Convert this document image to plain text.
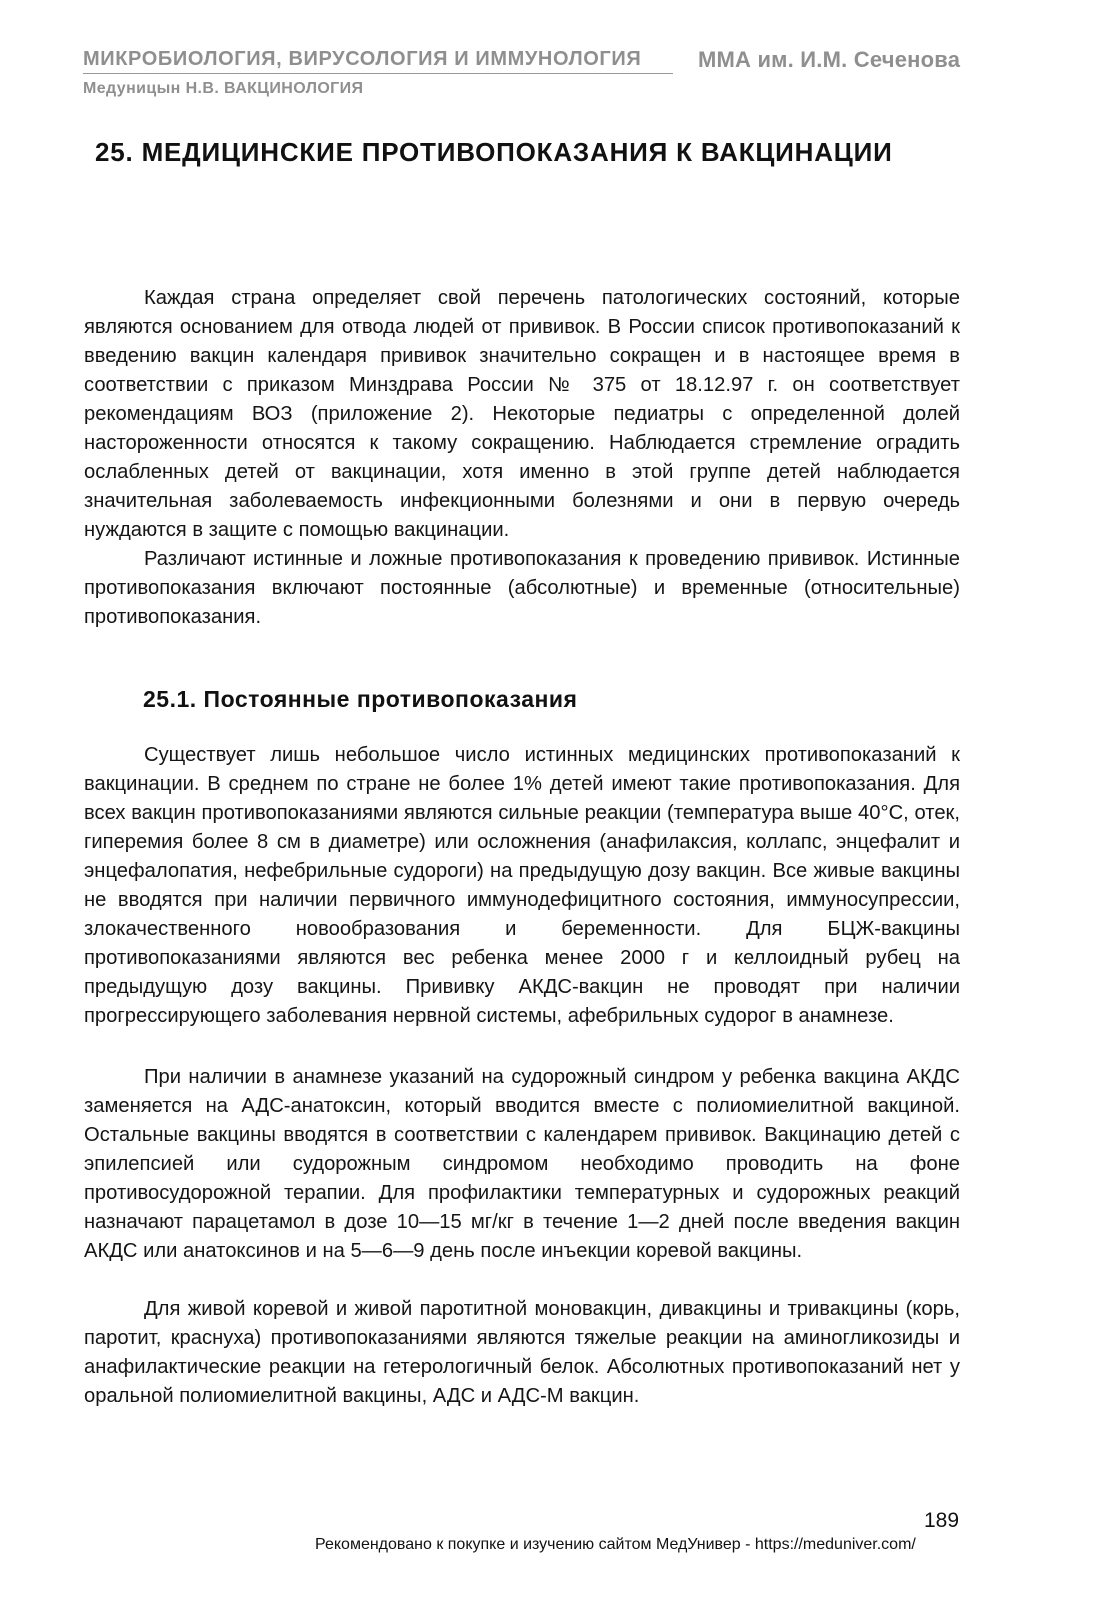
МИКРОБИОЛОГИЯ, ВИРУСОЛОГИЯ И ИММУНОЛОГИЯ	ММА им. И.М. Сеченова
Медуницын Н.В. ВАКЦИНОЛОГИЯ
25. МЕДИЦИНСКИЕ ПРОТИВОПОКАЗАНИЯ К ВАКЦИНАЦИИ

Каждая страна определяет свой перечень патологических состояний, которые являются основанием для отвода людей от прививок. В России список противопоказаний к введению вакцин календаря прививок значительно сокращен и в настоящее время в соответствии с приказом Минздрава России № 375 от 18.12.97 г. он соответствует рекомендациям ВОЗ (приложение 2). Некоторые педиатры с определенной долей настороженности относятся к такому сокращению. Наблюдается стремление оградить ослабленных детей от вакцинации, хотя именно в этой группе детей наблюдается значительная заболеваемость инфекционными болезнями и они в первую очередь нуждаются в защите с помощью вакцинации.

Различают истинные и ложные противопоказания к проведению прививок. Истинные противопоказания включают постоянные (абсолютные) и временные (относительные) противопоказания.

25.1. Постоянные противопоказания

Существует лишь небольшое число истинных медицинских противопоказаний к вакцинации. В среднем по стране не более 1% детей имеют такие противопоказания. Для всех вакцин противопоказаниями являются сильные реакции (температура выше 40°С, отек, гиперемия более 8 см в диаметре) или осложнения (анафилаксия, коллапс, энцефалит и энцефалопатия, нефебрильные судороги) на предыдущую дозу вакцин. Все живые вакцины не вводятся при наличии первичного иммунодефицитного состояния, иммуносупрессии, злокачественного новообразования и беременности. Для БЦЖ-вакцины противопоказаниями являются вес ребенка менее 2000 г и келлоидный рубец на предыдущую дозу вакцины. Прививку АКДС-вакцин не проводят при наличии прогрессирующего заболевания нервной системы, афебрильных судорог в анамнезе.

При наличии в анамнезе указаний на судорожный синдром у ребенка вакцина АКДС заменяется на АДС-анатоксин, который вводится вместе с полиомиелитной вакциной. Остальные вакцины вводятся в соответствии с календарем прививок. Вакцинацию детей с эпилепсией или судорожным синдромом необходимо проводить на фоне противосудорожной терапии. Для профилактики температурных и судорожных реакций назначают парацетамол в дозе 10—15 мг/кг в течение 1—2 дней после введения вакцин АКДС или анатоксинов и на 5—6—9 день после инъекции коревой вакцины.

Для живой коревой и живой паротитной моновакцин, дивакцины и тривакцины (корь, паротит, краснуха) противопоказаниями являются тяжелые реакции на аминогликозиды и анафилактические реакции на гетерологичный белок. Абсолютных противопоказаний нет у оральной полиомиелитной вакцины, АДС и АДС-М вакцин.

189
Рекомендовано к покупке и изучению сайтом МедУнивер - https://meduniver.com/
